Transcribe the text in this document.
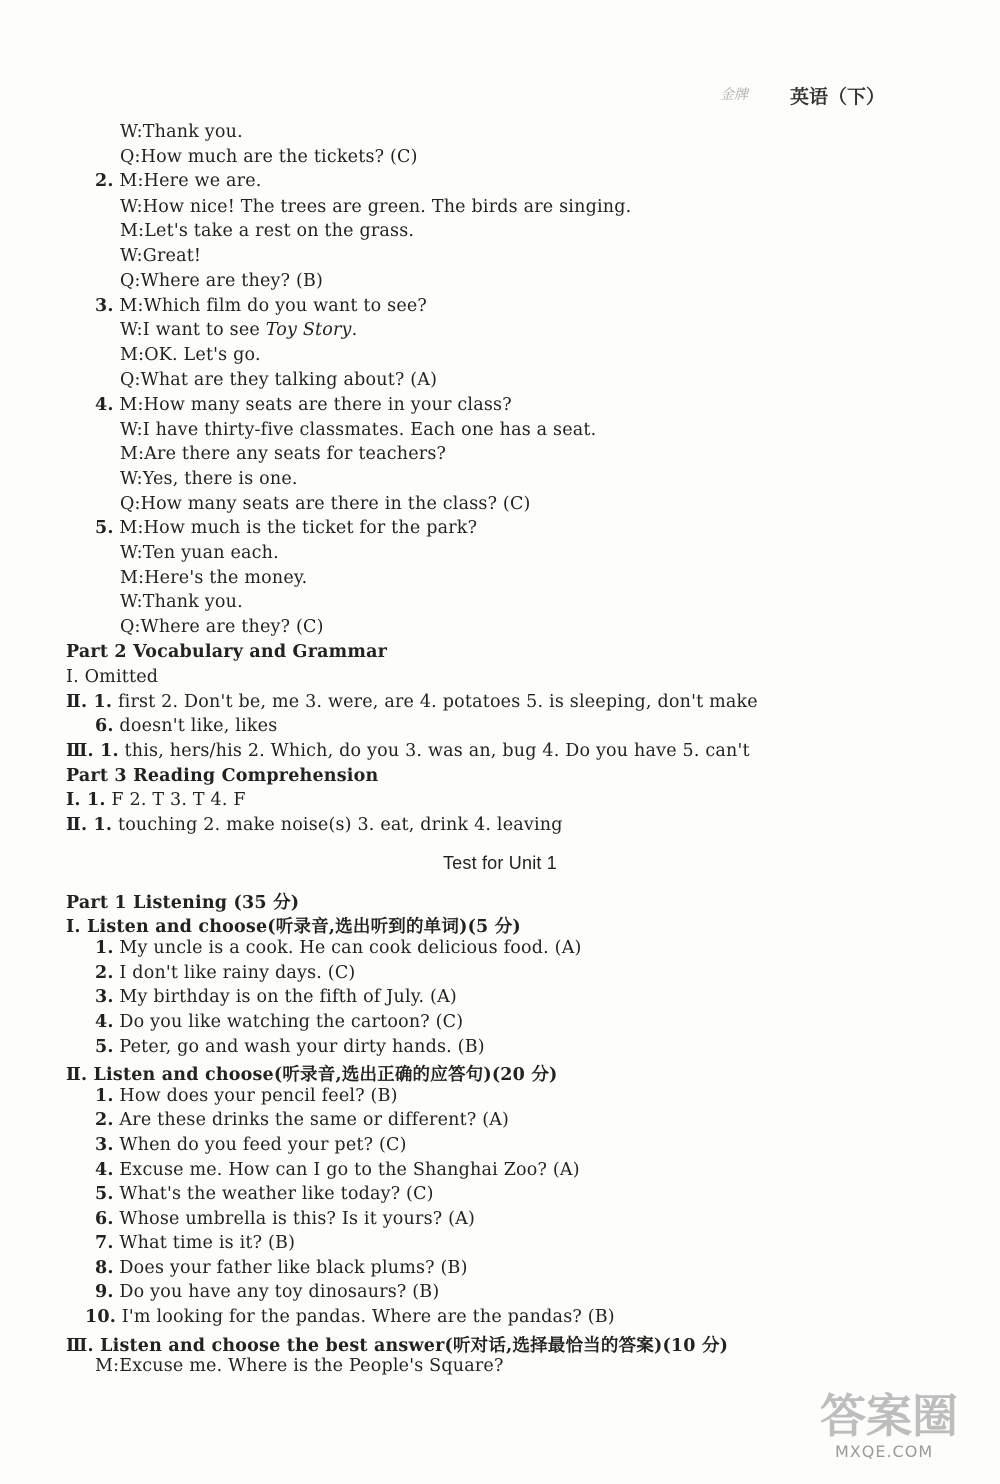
金牌	英语（下）
W:Thank you.
Q:How much are the tickets? (C)
2. M:Here we are.
W:How nice! The trees are green. The birds are singing.
M:Let's take a rest on the grass.
W:Great!
Q:Where are they? (B)
3. M:Which film do you want to see?
W:I want to see Toy Story.
M:OK. Let's go.
Q:What are they talking about? (A)
4. M:How many seats are there in your class?
W:I have thirty-five classmates. Each one has a seat.
M:Are there any seats for teachers?
W:Yes, there is one.
Q:How many seats are there in the class? (C)
5. M:How much is the ticket for the park?
W:Ten yuan each.
M:Here's the money.
W:Thank you.
Q:Where are they? (C)
Part 2 Vocabulary and Grammar
Ⅰ. Omitted
Ⅱ. 1. first 2. Don't be, me 3. were, are 4. potatoes 5. is sleeping, don't make
6. doesn't like, likes
Ⅲ. 1. this, hers/his 2. Which, do you 3. was an, bug 4. Do you have 5. can't
Part 3 Reading Comprehension
Ⅰ. 1. F 2. T 3. T 4. F
Ⅱ. 1. touching 2. make noise(s) 3. eat, drink 4. leaving
Test for Unit 1
Part 1 Listening (35 分)
Ⅰ. Listen and choose(听录音,选出听到的单词)(5 分)
1. My uncle is a cook. He can cook delicious food. (A)
2. I don't like rainy days. (C)
3. My birthday is on the fifth of July. (A)
4. Do you like watching the cartoon? (C)
5. Peter, go and wash your dirty hands. (B)
Ⅱ. Listen and choose(听录音,选出正确的应答句)(20 分)
1. How does your pencil feel? (B)
2. Are these drinks the same or different? (A)
3. When do you feed your pet? (C)
4. Excuse me. How can I go to the Shanghai Zoo? (A)
5. What's the weather like today? (C)
6. Whose umbrella is this? Is it yours? (A)
7. What time is it? (B)
8. Does your father like black plums? (B)
9. Do you have any toy dinosaurs? (B)
10. I'm looking for the pandas. Where are the pandas? (B)
Ⅲ. Listen and choose the best answer(听对话,选择最恰当的答案)(10 分)
M:Excuse me. Where is the People's Square?
答案圈
MXQE.COM
